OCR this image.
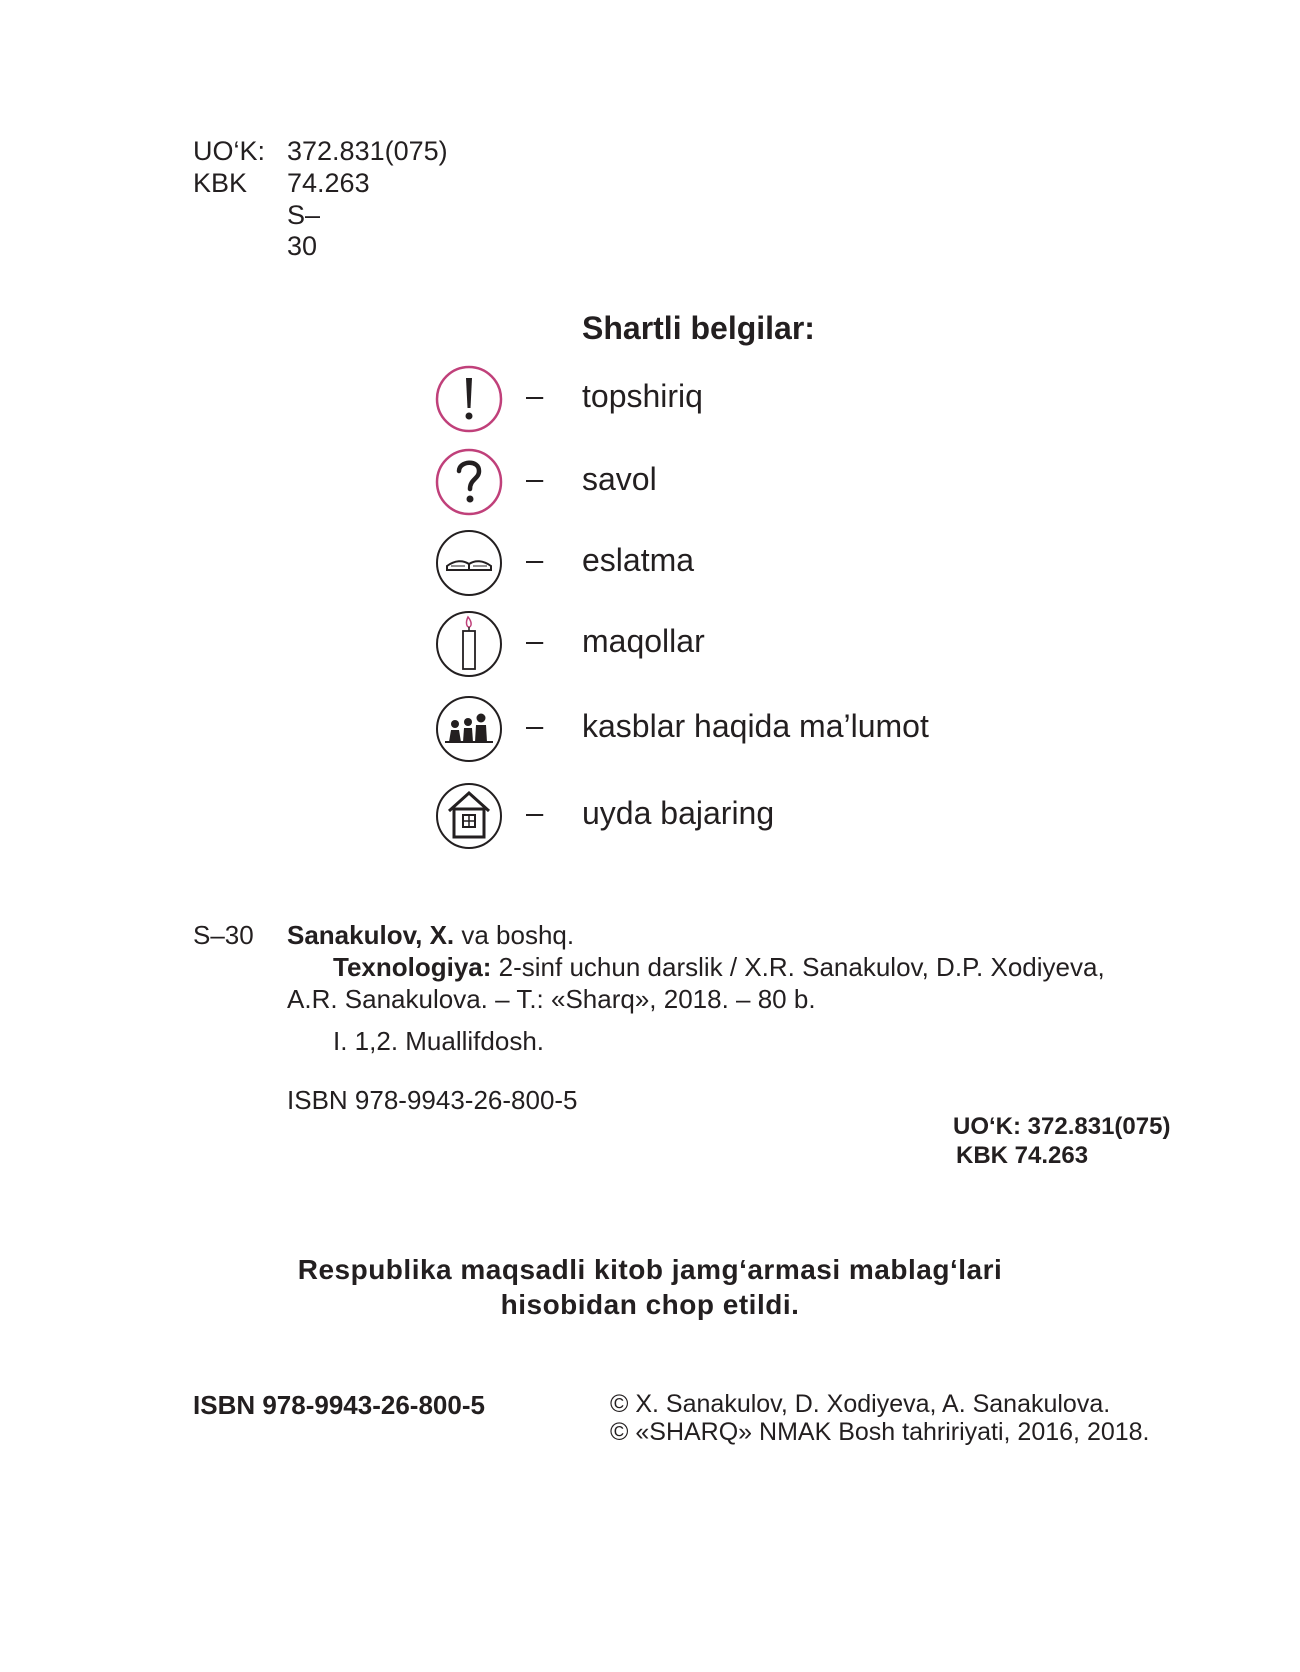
UO‘K: 372.831(075)
KBK 74.263
S–30
Shartli belgilar:
– topshiriq
– savol
– eslatma
– maqollar
– kasblar haqida ma’lumot
– uyda bajaring
S–30 Sanakulov, X. va boshq.
Texnologiya: 2-sinf uchun darslik / X.R. Sanakulov, D.P. Xodiyeva,
A.R. Sanakulova. – T.: «Sharq», 2018. – 80 b.
I. 1,2. Muallifdosh.
ISBN 978-9943-26-800-5
UO‘K: 372.831(075)
KBK 74.263
Respublika maqsadli kitob jamg‘armasi mablag‘lari
hisobidan chop etildi.
ISBN 978-9943-26-800-5	© X. Sanakulov, D. Xodiyeva, A. Sanakulova.
© «SHARQ» NMAK Bosh tahririyati, 2016, 2018.
